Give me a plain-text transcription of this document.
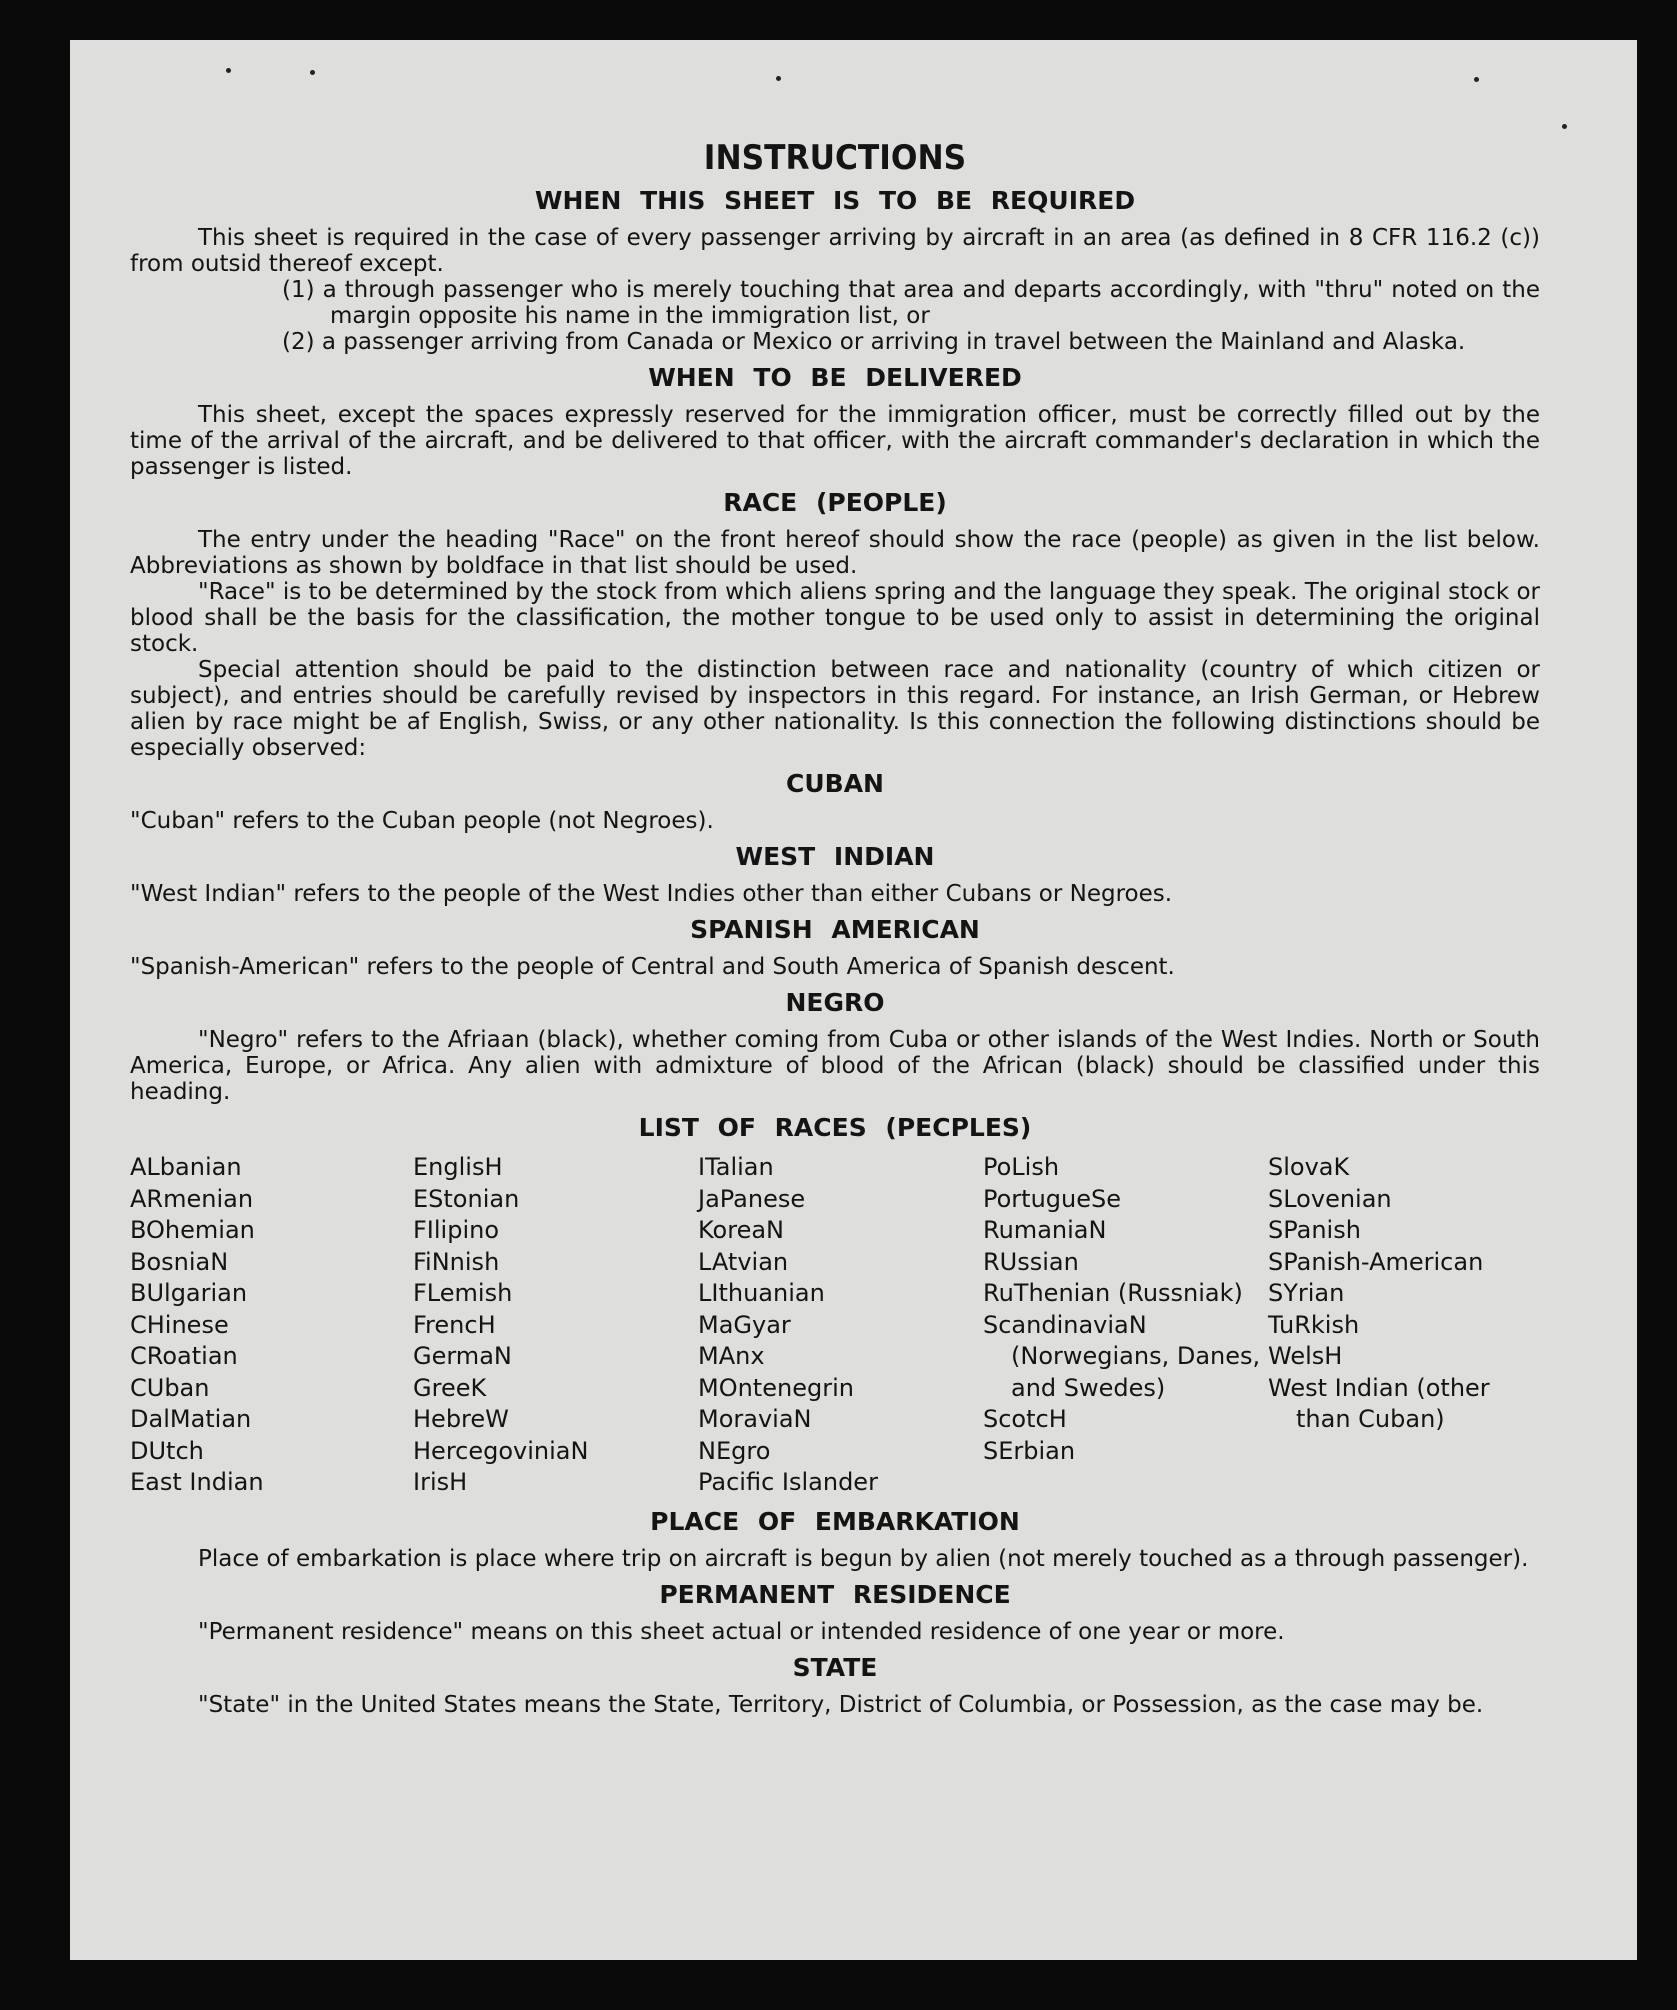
INSTRUCTIONS
WHEN THIS SHEET IS TO BE REQUIRED

This sheet is required in the case of every passenger arriving by aircraft in an area (as defined in 8 CFR 116.2 (c)) from outsid thereof except.

(1) a through passenger who is merely touching that area and departs accordingly, with "thru" noted on the margin opposite his name in the immigration list, or

(2) a passenger arriving from Canada or Mexico or arriving in travel between the Mainland and Alaska.

WHEN TO BE DELIVERED

This sheet, except the spaces expressly reserved for the immigration officer, must be correctly filled out by the time of the arrival of the aircraft, and be delivered to that officer, with the aircraft commander's declaration in which the passenger is listed.

RACE (PEOPLE)

The entry under the heading "Race" on the front hereof should show the race (people) as given in the list below. Abbreviations as shown by boldface in that list should be used.

"Race" is to be determined by the stock from which aliens spring and the language they speak. The original stock or blood shall be the basis for the classification, the mother tongue to be used only to assist in determining the original stock.

Special attention should be paid to the distinction between race and nationality (country of which citizen or subject), and entries should be carefully revised by inspectors in this regard. For instance, an Irish German, or Hebrew alien by race might be af English, Swiss, or any other nationality. Is this connection the following distinctions should be especially observed:

CUBAN

"Cuban" refers to the Cuban people (not Negroes).

WEST INDIAN

"West Indian" refers to the people of the West Indies other than either Cubans or Negroes.

SPANISH AMERICAN

"Spanish-American" refers to the people of Central and South America of Spanish descent.

NEGRO

"Negro" refers to the Afriaan (black), whether coming from Cuba or other islands of the West Indies. North or South America, Europe, or Africa. Any alien with admixture of blood of the African (black) should be classified under this heading.

LIST OF RACES (PECPLES)
ALbanian
ARmenian
BOhemian
BosniaN
BUlgarian
CHinese
CRoatian
CUban
DalMatian
DUtch
East Indian
EnglisH
EStonian
FIlipino
FiNnish
FLemish
FrencH
GermaN
GreeK
HebreW
HercegoviniaN
IrisH
ITalian
JaPanese
KoreaN
LAtvian
LIthuanian
MaGyar
MAnx
MOntenegrin
MoraviaN
NEgro
Pacific Islander
PoLish
PortugueSe
RumaniaN
RUssian
RuThenian (Russniak)
ScandinaviaN (Norwegians, Danes, and Swedes)
ScotcH
SErbian
SlovaK
SLovenian
SPanish
SPanish-American
SYrian
TuRkish
WelsH
West Indian (other than Cuban)
PLACE OF EMBARKATION

Place of embarkation is place where trip on aircraft is begun by alien (not merely touched as a through passenger).

PERMANENT RESIDENCE

"Permanent residence" means on this sheet actual or intended residence of one year or more.

STATE

"State" in the United States means the State, Territory, District of Columbia, or Possession, as the case may be.
